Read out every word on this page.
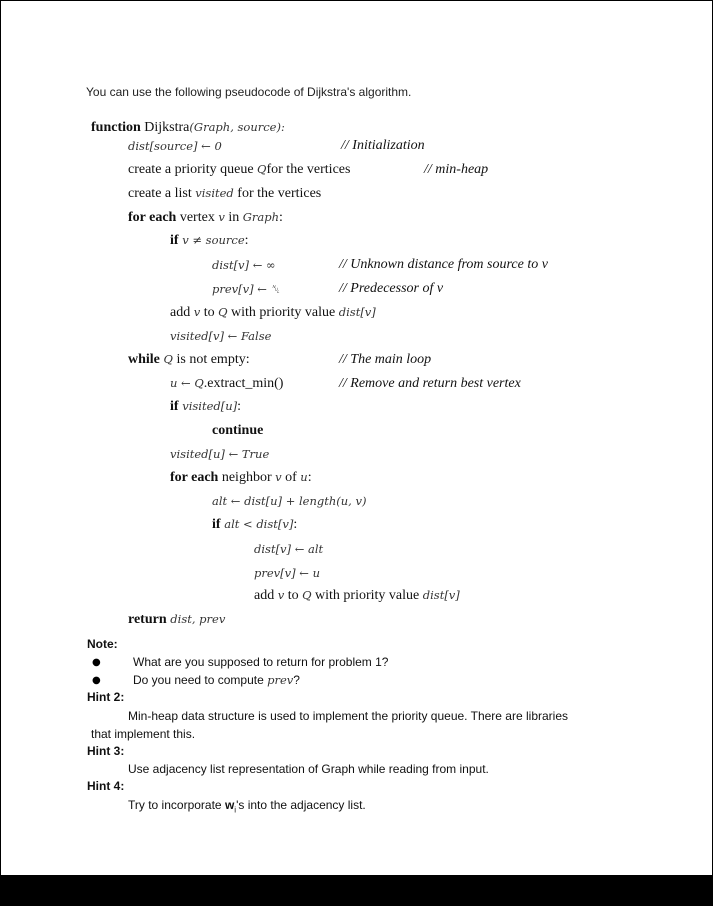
You can use the following pseudocode of Dijkstra's algorithm.
function Dijkstra(Graph, source):
dist[source] ← 0	// Initialization
create a priority queue Qfor the vertices	// min-heap
create a list visited for the vertices
for each vertex v in Graph:
if v ≠ source:
dist[v] ← ∞	// Unknown distance from source to v
prev[v] ← ␀	// Predecessor of v
add v to Q with priority value dist[v]
visited[v] ← False
while Q is not empty:	// The main loop
u ← Q.extract_min()	// Remove and return best vertex
if visited[u]:
continue
visited[u] ← True
for each neighbor v of u:
alt ← dist[u] + length(u, v)
if alt < dist[v]:
dist[v] ← alt
prev[v] ← u
add v to Q with priority value dist[v]
return dist, prev
Note:
●	What are you supposed to return for problem 1?
●	Do you need to compute prev?
Hint 2:
Min-heap data structure is used to implement the priority queue. There are libraries
that implement this.
Hint 3:
Use adjacency list representation of Graph while reading from input.
Hint 4:
Try to incorporate $w_i's$ into the adjacency list.
